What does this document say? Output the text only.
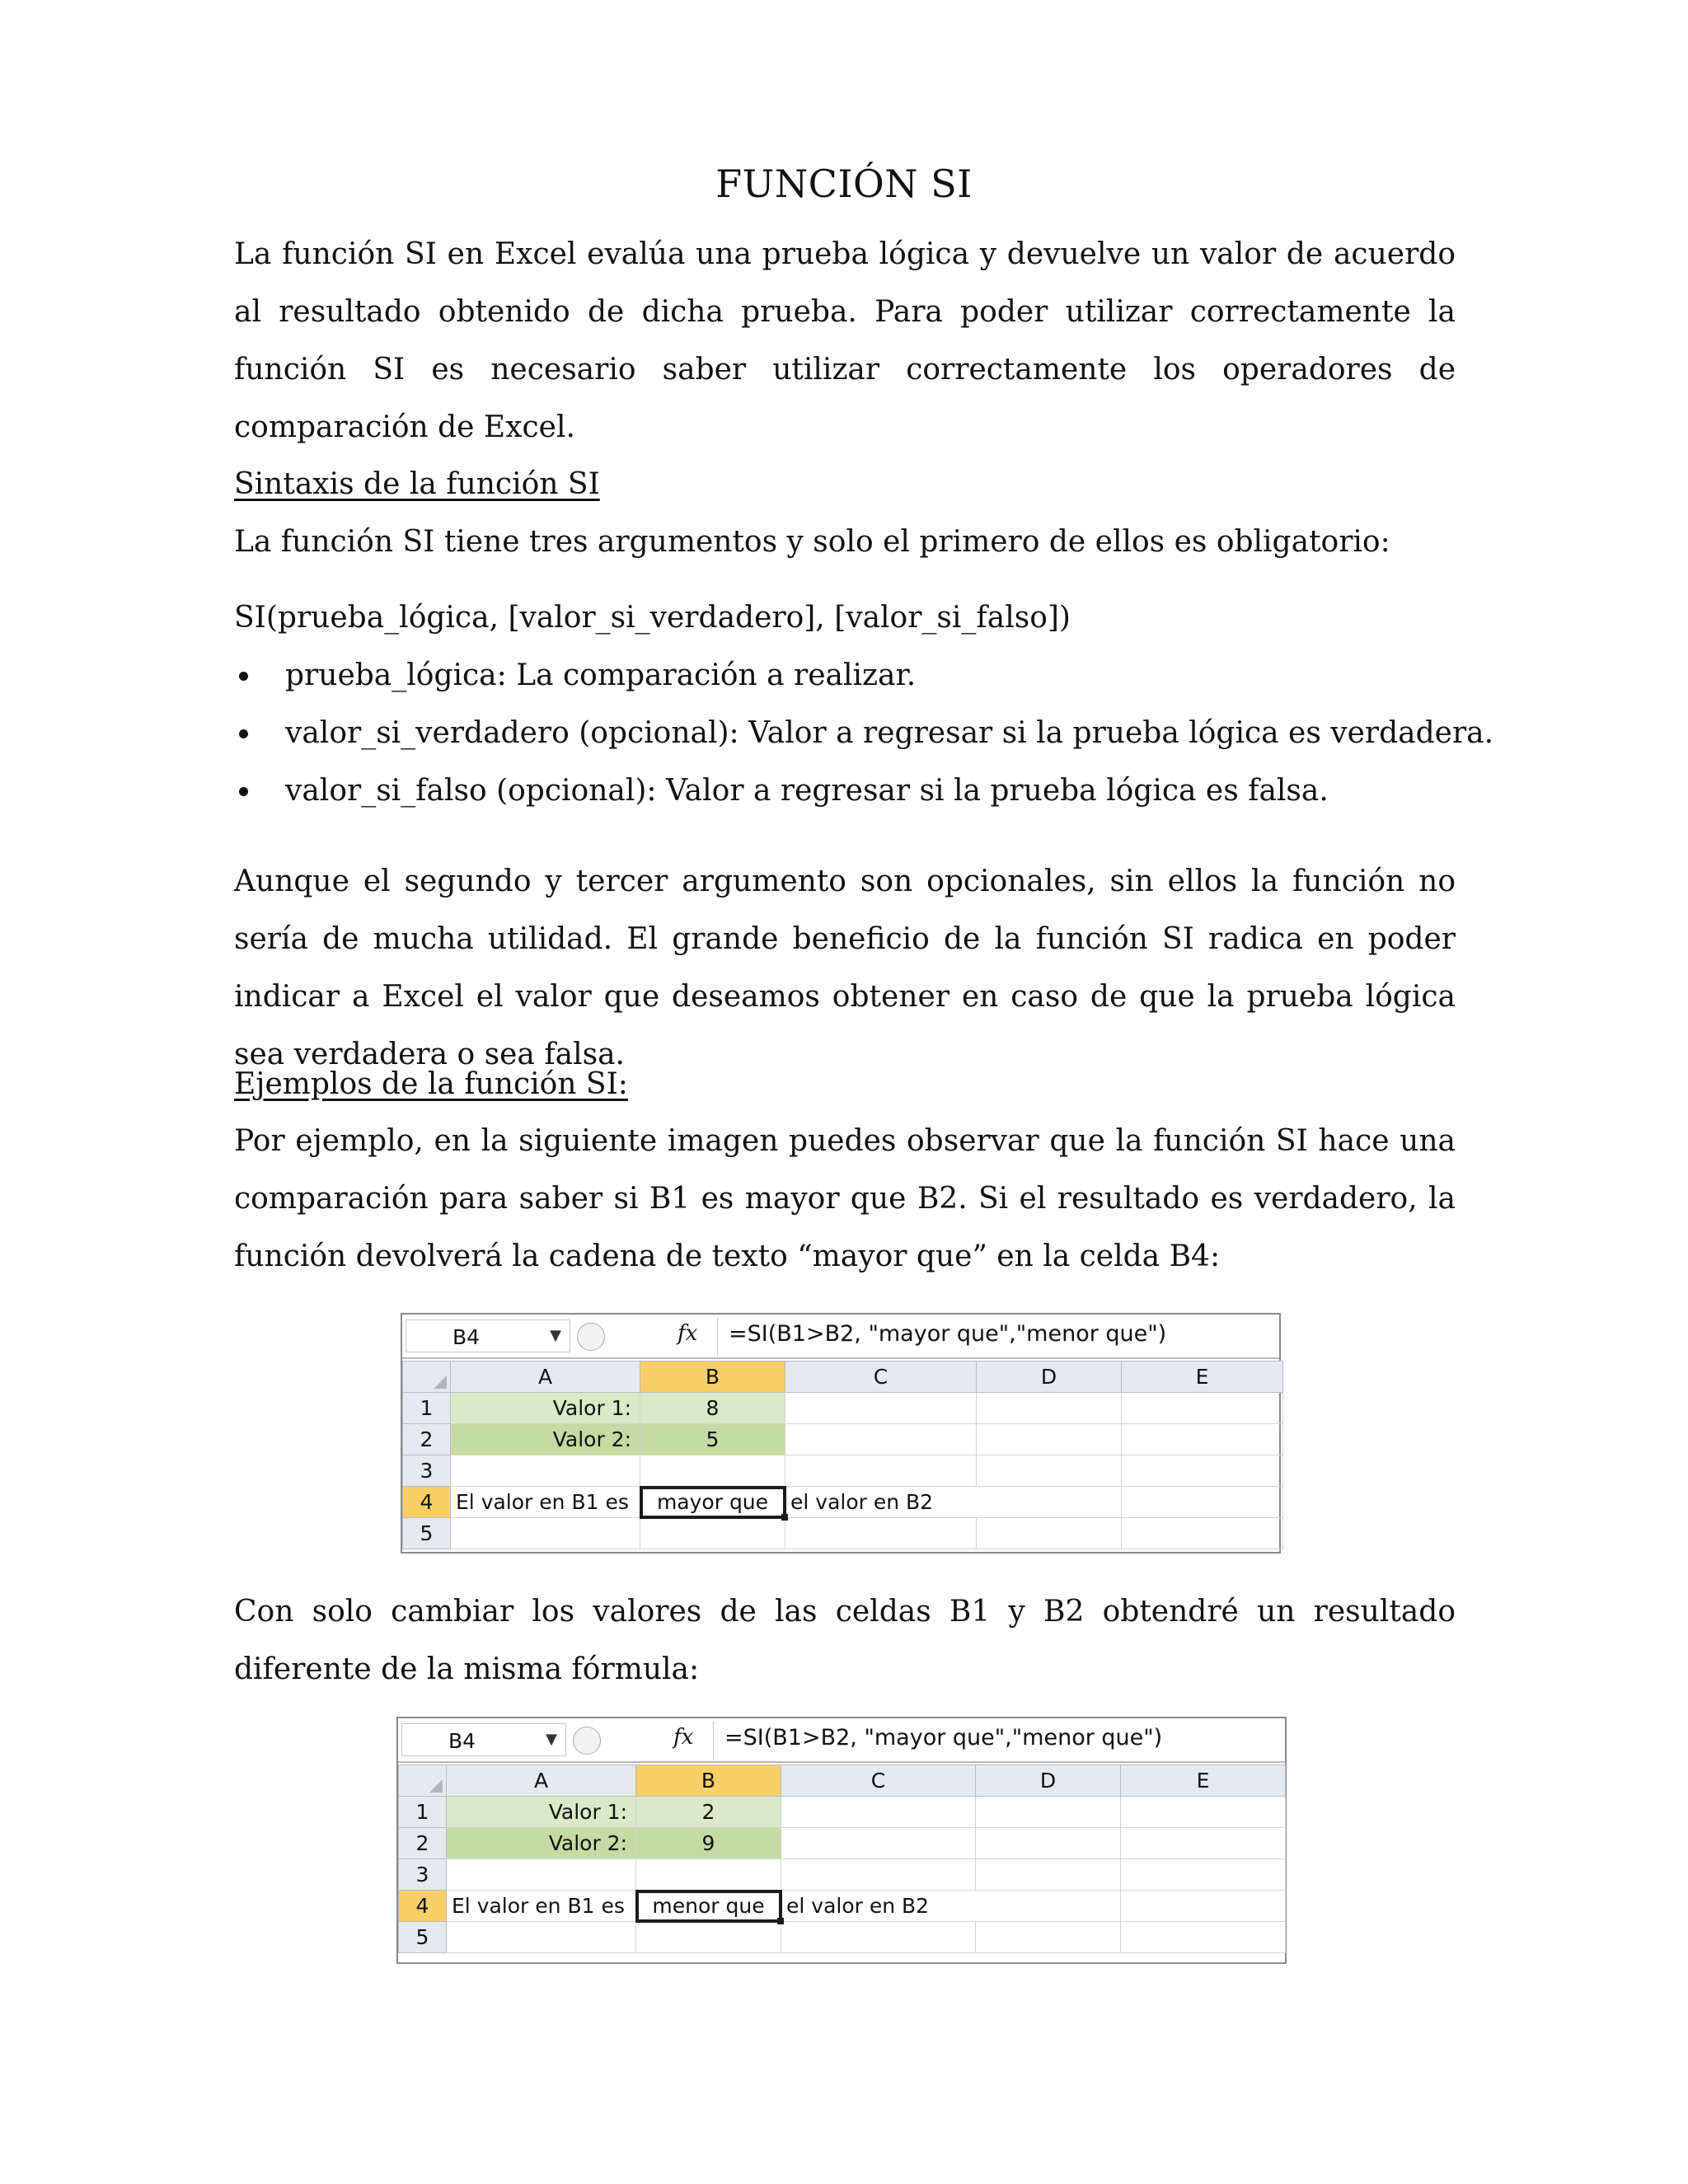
FUNCIÓN SI

La función SI en Excel evalúa una prueba lógica y devuelve un valor de acuerdo al resultado obtenido de dicha prueba. Para poder utilizar correctamente la función SI es necesario saber utilizar correctamente los operadores de comparación de Excel.

Sintaxis de la función SI

La función SI tiene tres argumentos y solo el primero de ellos es obligatorio:

SI(prueba_lógica, [valor_si_verdadero], [valor_si_falso])

prueba_lógica: La comparación a realizar.
valor_si_verdadero (opcional): Valor a regresar si la prueba lógica es verdadera.
valor_si_falso (opcional): Valor a regresar si la prueba lógica es falsa.

Aunque el segundo y tercer argumento son opcionales, sin ellos la función no sería de mucha utilidad. El grande beneficio de la función SI radica en poder indicar a Excel el valor que deseamos obtener en caso de que la prueba lógica sea verdadera o sea falsa.

Ejemplos de la función SI:

Por ejemplo, en la siguiente imagen puedes observar que la función SI hace una comparación para saber si B1 es mayor que B2. Si el resultado es verdadero, la función devolverá la cadena de texto “mayor que” en la celda B4:

B4	▼	fx =SI(B1>B2, "mayor que","menor que")
	A	B	C	D	E
1	Valor 1:	8			
2	Valor 2:	5			
3					
4	El valor en B1 es	mayor que	el valor en B2		
5					

Con solo cambiar los valores de las celdas B1 y B2 obtendré un resultado diferente de la misma fórmula:

B4	▼	fx =SI(B1>B2, "mayor que","menor que")
	A	B	C	D	E
1	Valor 1:	2			
2	Valor 2:	9			
3					
4	El valor en B1 es	menor que	el valor en B2		
5					
